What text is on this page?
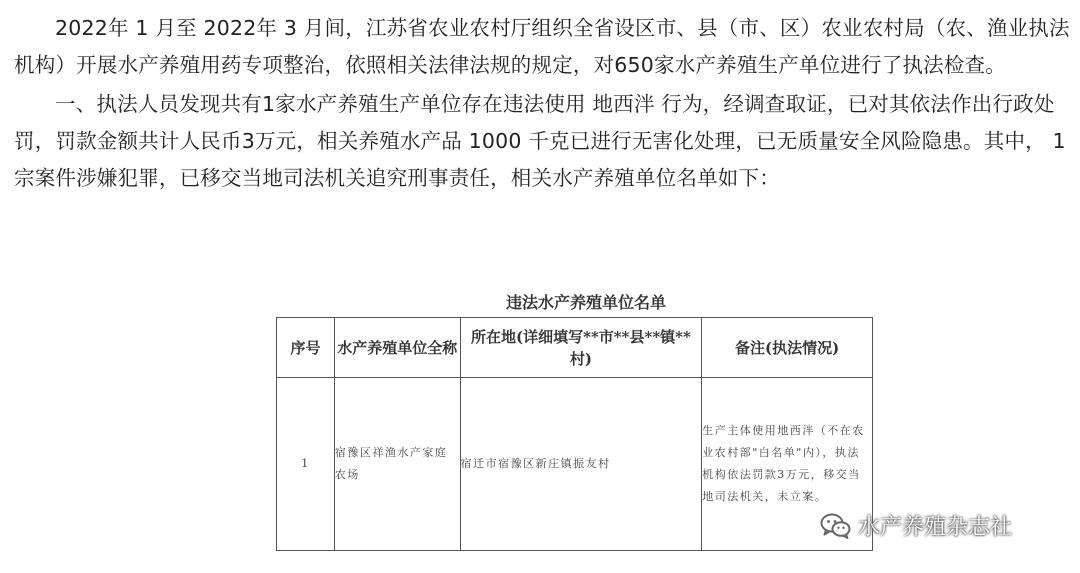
2022年 1 月至 2022年 3 月间，江苏省农业农村厅组织全省设区市、县（市、区）农业农村局（农、渔业执法机构）开展水产养殖用药专项整治，依照相关法律法规的规定，对650家水产养殖生产单位进行了执法检查。

一、执法人员发现共有1家水产养殖生产单位存在违法使用 地西泮 行为，经调查取证，已对其依法作出行政处罚，罚款金额共计人民币3万元，相关养殖水产品 1000 千克已进行无害化处理，已无质量安全风险隐患。其中， 1 宗案件涉嫌犯罪，已移交当地司法机关追究刑事责任，相关水产养殖单位名单如下：

违法水产养殖单位名单
序号	水产养殖单位全称	所在地(详细填写**市**县**镇**村)	备注(执法情况)
1	宿豫区祥渔水产家庭农场	宿迁市宿豫区新庄镇振友村	生产主体使用地西泮（不在农业农村部"白名单"内），执法机构依法罚款3万元，移交当地司法机关，未立案。
水产养殖杂志社
